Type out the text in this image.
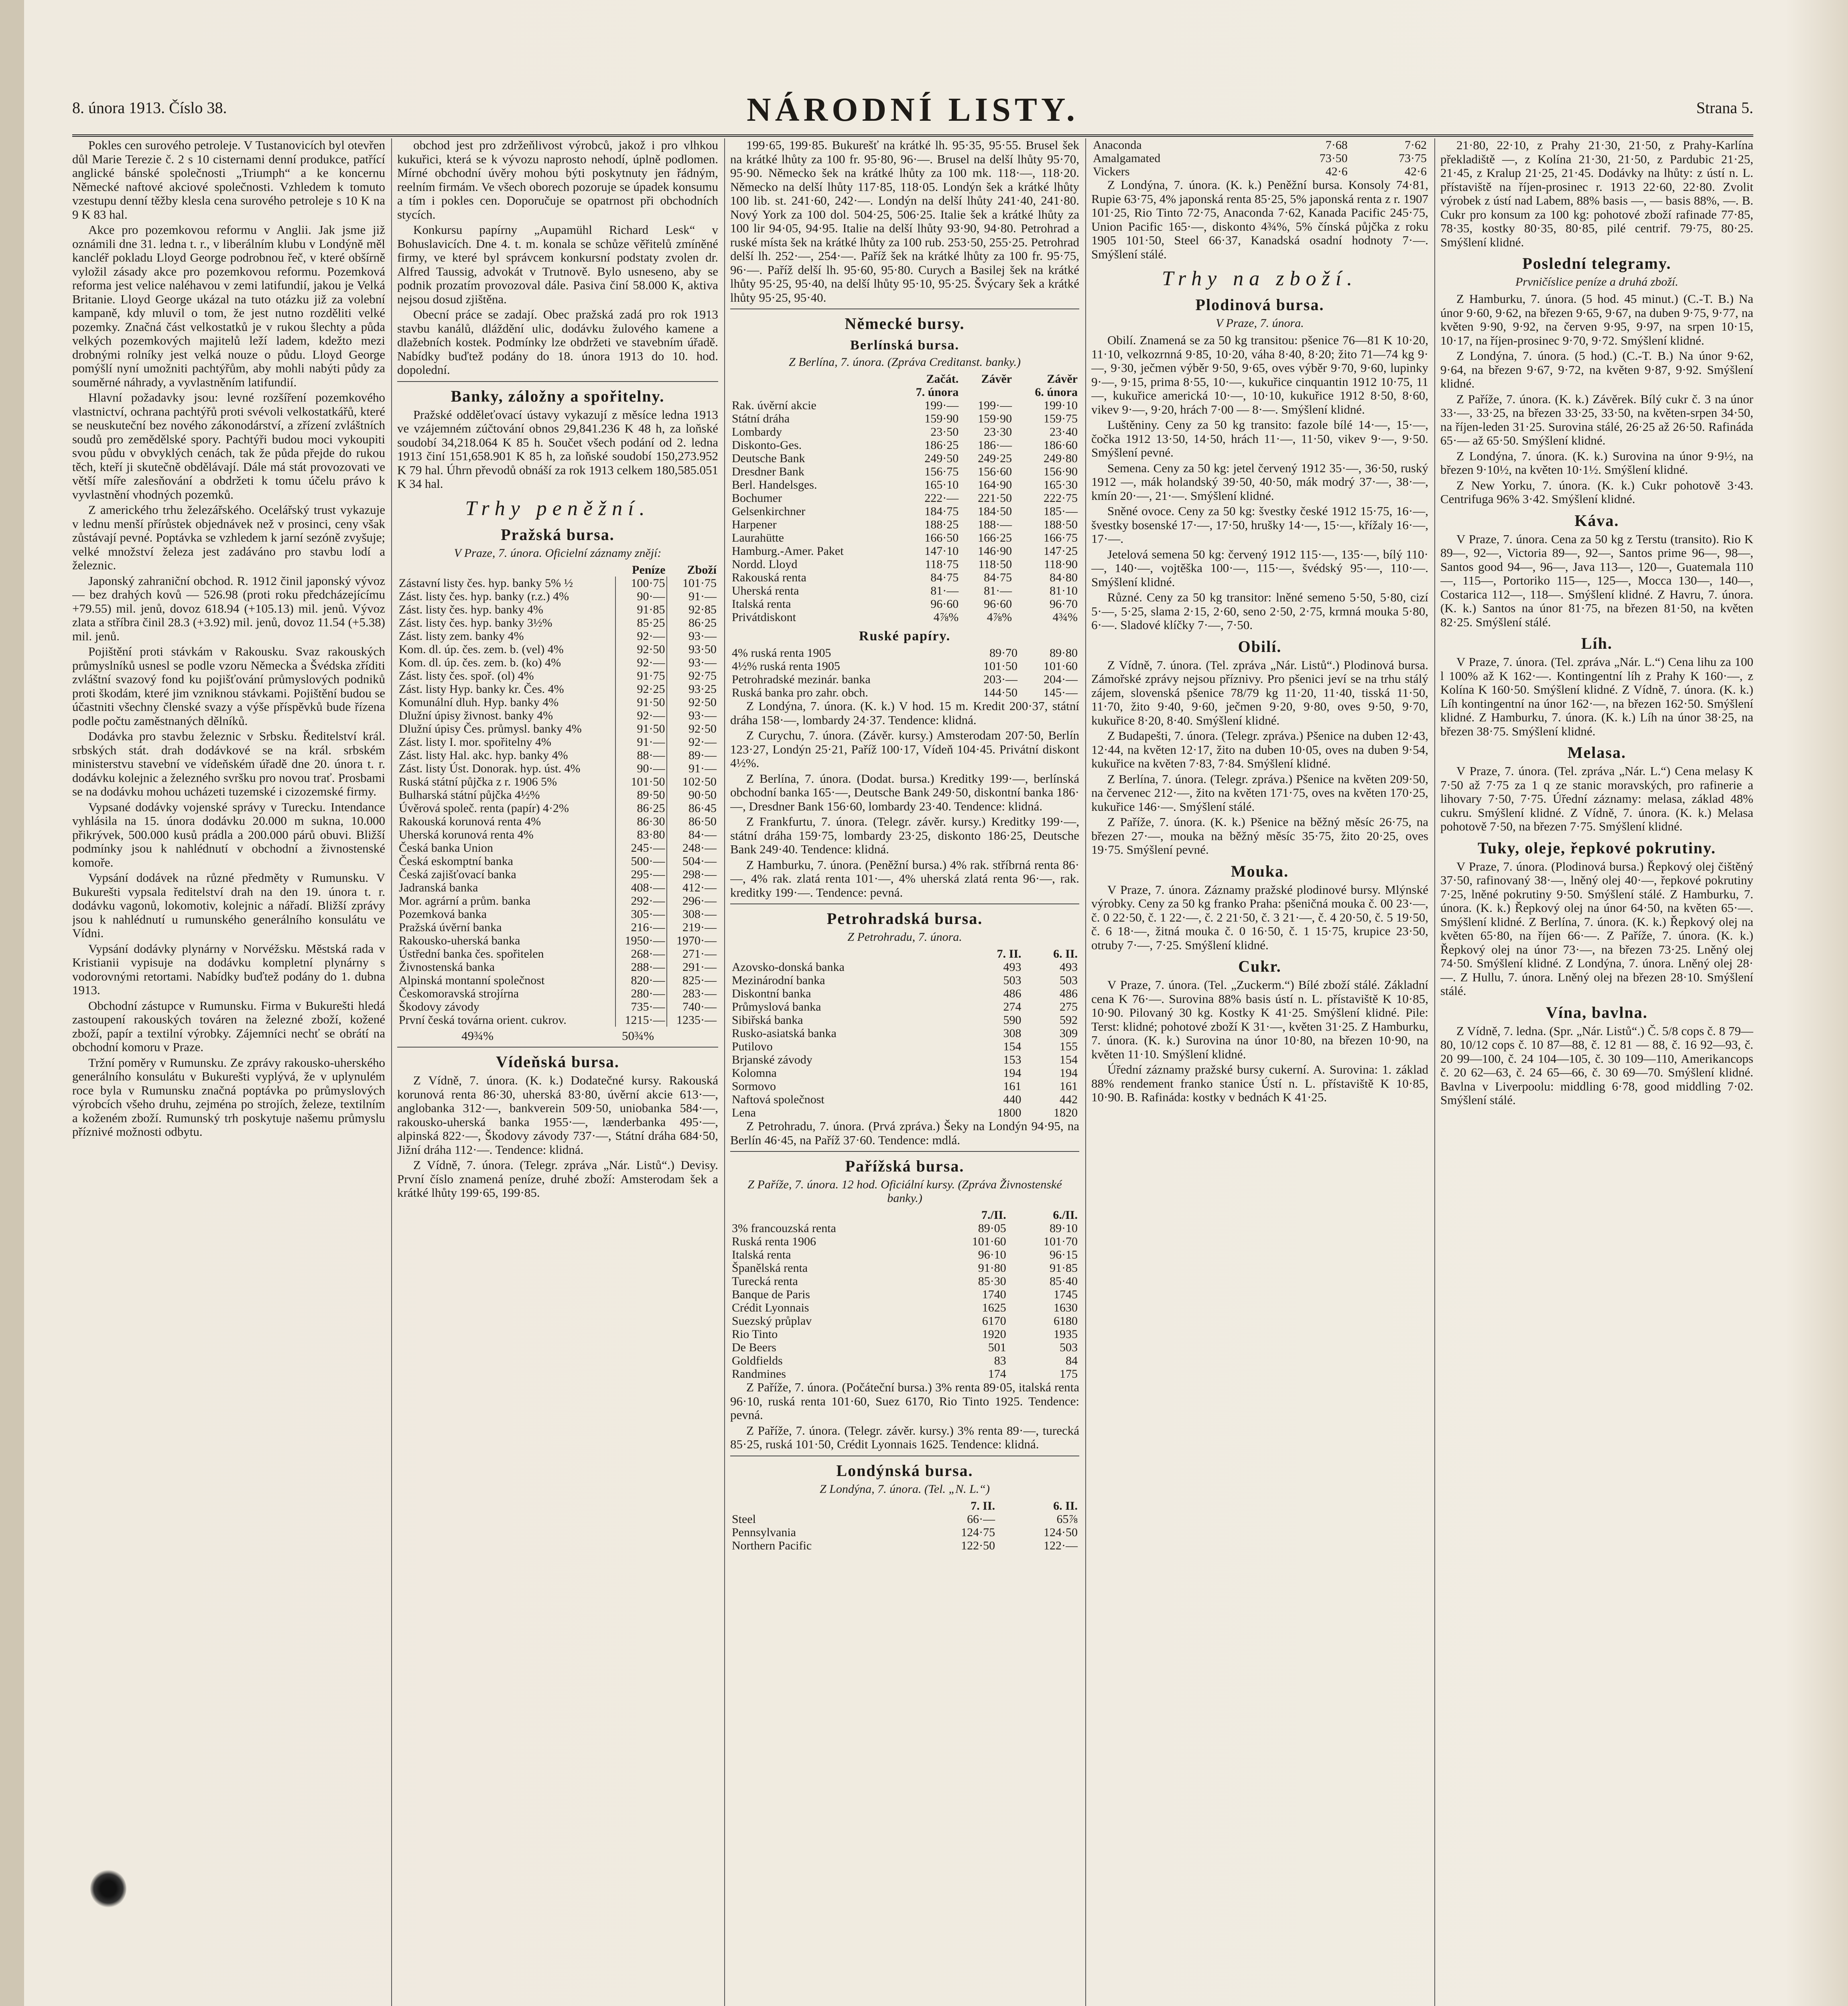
8. února 1913. Číslo 38.	NÁRODNÍ LISTY.	Strana 5.

Pokles cen surového petroleje. V Tustanovicích byl otevřen důl Marie Terezie č. 2 s 10 cisternami denní produkce, patřící anglické bánské společnosti „Triumph“ a ke koncernu Německé naftové akciové společnosti. Vzhledem k tomuto vzestupu denní těžby klesla cena surového petroleje s 10 K na 9 K 83 hal.

Akce pro pozemkovou reformu v Anglii. Jak jsme již oznámili dne 31. ledna t. r., v liberálním klubu v Londýně měl kancléř pokladu Lloyd George podrobnou řeč, v které obšírně vyložil zásady akce pro pozemkovou reformu. Pozemková reforma jest velice naléhavou v zemi latifundií, jakou je Velká Britanie. Lloyd George ukázal na tuto otázku již za volební kampaně, kdy mluvil o tom, že jest nutno rozděliti velké pozemky. Značná část velkostatků je v rukou šlechty a půda velkých pozemkových majitelů leží ladem, kdežto mezi drobnými rolníky jest velká nouze o půdu. Lloyd George pomýšlí nyní umožniti pachtýřům, aby mohli nabýti půdy za souměrné náhrady, a vyvlastněním latifundií.

Hlavní požadavky jsou: levné rozšíření pozemkového vlastnictví, ochrana pachtýřů proti svévoli velkostatkářů, které se neuskuteční bez nového zákonodárství, a zřízení zvláštních soudů pro zemědělské spory. Pachtýři budou moci vykoupiti svou půdu v obvyklých cenách, tak že půda přejde do rukou těch, kteří ji skutečně obdělávají. Dále má stát provozovati ve větší míře zalesňování a obdržeti k tomu účelu právo k vyvlastnění vhodných pozemků.

Z amerického trhu železářského. Ocelářský trust vykazuje v lednu menší přírůstek objednávek než v prosinci, ceny však zůstávají pevné. Poptávka se vzhledem k jarní sezóně zvyšuje; velké množství železa jest zadáváno pro stavbu lodí a železnic.

Japonský zahraniční obchod. R. 1912 činil japonský vývoz — bez drahých kovů — 526.98 (proti roku předcházejícímu +79.55) mil. jenů, dovoz 618.94 (+105.13) mil. jenů. Vývoz zlata a stříbra činil 28.3 (+3.92) mil. jenů, dovoz 11.54 (+5.38) mil. jenů.

Pojištění proti stávkám v Rakousku. Svaz rakouských průmyslníků usnesl se podle vzoru Německa a Švédska zříditi zvláštní svazový fond ku pojišťování průmyslových podniků proti škodám, které jim vzniknou stávkami. Pojištění budou se účastniti všechny členské svazy a výše příspěvků bude řízena podle počtu zaměstnaných dělníků.

Dodávka pro stavbu železnic v Srbsku. Ředitelství král. srbských stát. drah dodávkové se na král. srbském ministerstvu stavební ve vídeňském úřadě dne 20. února t. r. dodávku kolejnic a železného svršku pro novou trať. Prosbami se na dodávku mohou ucházeti tuzemské i cizozemské firmy.

Vypsané dodávky vojenské správy v Turecku. Intendance vyhlásila na 15. února dodávku 20.000 m sukna, 10.000 přikrývek, 500.000 kusů prádla a 200.000 párů obuvi. Bližší podmínky jsou k nahlédnutí v obchodní a živnostenské komoře.

Vypsání dodávek na různé předměty v Rumunsku. V Bukurešti vypsala ředitelství drah na den 19. února t. r. dodávku vagonů, lokomotiv, kolejnic a nářadí. Bližší zprávy jsou k nahlédnutí u rumunského generálního konsulátu ve Vídni.

Vypsání dodávky plynárny v Norvéžsku. Městská rada v Kristianii vypisuje na dodávku kompletní plynárny s vodorovnými retortami. Nabídky buďtež podány do 1. dubna 1913.

Obchodní zástupce v Rumunsku. Firma v Bukurešti hledá zastoupení rakouských továren na železné zboží, kožené zboží, papír a textilní výrobky. Zájemníci nechť se obrátí na obchodní komoru v Praze.

Tržní poměry v Rumunsku. Ze zprávy rakousko-uherského generálního konsulátu v Bukurešti vyplývá, že v uplynulém roce byla v Rumunsku značná poptávka po průmyslových výrobcích všeho druhu, zejména po strojích, železe, textilním a koženém zboží. Rumunský trh poskytuje našemu průmyslu příznivé možnosti odbytu.

obchod jest pro zdržeňlivost výrobců, jakož i pro vlhkou kukuřici, která se k vývozu naprosto nehodí, úplně podlomen. Mírné obchodní úvěry mohou býti poskytnuty jen řádným, reelním firmám. Ve všech oborech pozoruje se úpadek konsumu a tím i pokles cen. Doporučuje se opatrnost při obchodních stycích.

Konkursu papírny „Aupamühl Richard Lesk“ v Bohuslavicích. Dne 4. t. m. konala se schůze věřitelů zmíněné firmy, ve které byl správcem konkursní podstaty zvolen dr. Alfred Taussig, advokát v Trutnově. Bylo usneseno, aby se podnik prozatím provozoval dále. Pasiva činí 58.000 K, aktiva nejsou dosud zjištěna.

Obecní práce se zadají. Obec pražská zadá pro rok 1913 stavbu kanálů, dláždění ulic, dodávku žulového kamene a dlažebních kostek. Podmínky lze obdržeti ve stavebním úřadě. Nabídky buďtež podány do 18. února 1913 do 10. hod. dopolední.

Banky, záložny a spořitelny.

Pražské odděleťovací ústavy vykazují z měsíce ledna 1913 ve vzájemném zúčtování obnos 29,841.236 K 48 h, za loňské soudobí 34,218.064 K 85 h. Součet všech podání od 2. ledna 1913 činí 151,658.901 K 85 h, za loňské soudobí 150,273.952 K 79 hal. Úhrn převodů obnáší za rok 1913 celkem 180,585.051 K 34 hal.

Trhy peněžní.
Pražská bursa.
V Praze, 7. února. Oficielní záznamy znějí:
	Peníze	Zboží
Zástavní listy čes. hyp. banky 5% ½	100·75	101·75
Zást. listy čes. hyp. banky (r.z.) 4%	90·—	91·—
Zást. listy čes. hyp. banky 4%	91·85	92·85
Zást. listy čes. hyp. banky 3½%	85·25	86·25
Zást. listy zem. banky 4%	92·—	93·—
Kom. dl. úp. čes. zem. b. (vel) 4%	92·50	93·50
Kom. dl. úp. čes. zem. b. (ko) 4%	92·—	93·—
Zást. listy čes. spoř. (ol) 4%	91·75	92·75
Zást. listy Hyp. banky kr. Čes. 4%	92·25	93·25
Komunální dluh. Hyp. banky 4%	91·50	92·50
Dlužní úpisy živnost. banky 4%	92·—	93·—
Dlužní úpisy Čes. průmysl. banky 4%	91·50	92·50
Zást. listy I. mor. spořitelny 4%	91·—	92·—
Zást. listy Hal. akc. hyp. banky 4%	88·—	89·—
Zást. listy Úst. Donorak. hyp. úst. 4%	90·—	91·—
Ruská státní půjčka z r. 1906 5%	101·50	102·50
Bulharská státní půjčka 4½%	89·50	90·50
Úvěrová společ. renta (papír) 4·2%	86·25	86·45
Rakouská korunová renta 4%	86·30	86·50
Uherská korunová renta 4%	83·80	84·—
Česká banka Union	245·—	248·—
Česká eskomptní banka	500·—	504·—
Česká zajišťovací banka	295·—	298·—
Jadranská banka	408·—	412·—
Mor. agrární a prům. banka	292·—	296·—
Pozemková banka	305·—	308·—
Pražská úvěrní banka	216·—	219·—
Rakousko-uherská banka	1950·—	1970·—
Ústřední banka čes. spořitelen	268·—	271·—
Živnostenská banka	288·—	291·—
Alpinská montanní společnost	820·—	825·—
Českomoravská strojírna	280·—	283·—
Škodovy závody	735·—	740·—
První česká továrna orient. cukrov.	1215·—	1235·—
49¾%	50¾%
Vídeňská bursa.

Z Vídně, 7. února. (K. k.) Dodatečné kursy. Rakouská korunová renta 86·30, uherská 83·80, úvěrní akcie 613·—, anglobanka 312·—, bankverein 509·50, uniobanka 584·—, rakousko-uherská banka 1955·—, lænderbanka 495·—, alpinská 822·—, Škodovy závody 737·—, Státní dráha 684·50, Jižní dráha 112·—. Tendence: klidná.

Z Vídně, 7. února. (Telegr. zpráva „Nár. Listů“.) Devisy. První číslo znamená peníze, druhé zboží: Amsterodam šek a krátké lhůty 199·65, 199·85.

199·65, 199·85. Bukurešť na krátké lh. 95·35, 95·55. Brusel šek na krátké lhůty za 100 fr. 95·80, 96·—. Brusel na delší lhůty 95·70, 95·90. Německo šek na krátké lhůty za 100 mk. 118·—, 118·20. Německo na delší lhůty 117·85, 118·05. Londýn šek a krátké lhůty 100 lib. st. 241·60, 242·—. Londýn na delší lhůty 241·40, 241·80. Nový York za 100 dol. 504·25, 506·25. Italie šek a krátké lhůty za 100 lir 94·05, 94·95. Italie na delší lhůty 93·90, 94·80. Petrohrad a ruské místa šek na krátké lhůty za 100 rub. 253·50, 255·25. Petrohrad delší lh. 252·—, 254·—. Paříž šek na krátké lhůty za 100 fr. 95·75, 96·—. Paříž delší lh. 95·60, 95·80. Curych a Basilej šek na krátké lhůty 95·25, 95·40, na delší lhůty 95·10, 95·25. Švýcary šek a krátké lhůty 95·25, 95·40.

Německé bursy.
Berlínská bursa.
Z Berlína, 7. února. (Zpráva Creditanst. banky.)
	Začát.	Závěr	Závěr
	7. února		6. února
Rak. úvěrní akcie	199·—	199·—	199·10
Státní dráha	159·90	159·90	159·75
Lombardy	23·50	23·30	23·40
Diskonto-Ges.	186·25	186·—	186·60
Deutsche Bank	249·50	249·25	249·80
Dresdner Bank	156·75	156·60	156·90
Berl. Handelsges.	165·10	164·90	165·30
Bochumer	222·—	221·50	222·75
Gelsenkirchner	184·75	184·50	185·—
Harpener	188·25	188·—	188·50
Laurahütte	166·50	166·25	166·75
Hamburg.-Amer. Paket	147·10	146·90	147·25
Nordd. Lloyd	118·75	118·50	118·90
Rakouská renta	84·75	84·75	84·80
Uherská renta	81·—	81·—	81·10
Italská renta	96·60	96·60	96·70
Privátdiskont	4⅞%	4⅞%	4¾%
Ruské papíry.
4% ruská renta 1905	89·70	89·80
4½% ruská renta 1905	101·50	101·60
Petrohradské mezinár. banka	203·—	204·—
Ruská banka pro zahr. obch.	144·50	145·—

Z Londýna, 7. února. (K. k.) V hod. 15 m. Kredit 200·37, státní dráha 158·—, lombardy 24·37. Tendence: klidná.

Z Curychu, 7. února. (Závěr. kursy.) Amsterodam 207·50, Berlín 123·27, Londýn 25·21, Paříž 100·17, Vídeň 104·45. Privátní diskont 4½%.

Z Berlína, 7. února. (Dodat. bursa.) Kreditky 199·—, berlínská obchodní banka 165·—, Deutsche Bank 249·50, diskontní banka 186·—, Dresdner Bank 156·60, lombardy 23·40. Tendence: klidná.

Z Frankfurtu, 7. února. (Telegr. závěr. kursy.) Kreditky 199·—, státní dráha 159·75, lombardy 23·25, diskonto 186·25, Deutsche Bank 249·40. Tendence: klidná.

Z Hamburku, 7. února. (Peněžní bursa.) 4% rak. stříbrná renta 86·—, 4% rak. zlatá renta 101·—, 4% uherská zlatá renta 96·—, rak. kreditky 199·—. Tendence: pevná.

Petrohradská bursa.
Z Petrohradu, 7. února.
	7. II.	6. II.
Azovsko-donská banka	493	493
Mezinárodní banka	503	503
Diskontní banka	486	486
Průmyslová banka	274	275
Sibiřská banka	590	592
Rusko-asiatská banka	308	309
Putilovo	154	155
Brjanské závody	153	154
Kolomna	194	194
Sormovo	161	161
Naftová společnost	440	442
Lena	1800	1820

Z Petrohradu, 7. února. (Prvá zpráva.) Šeky na Londýn 94·95, na Berlín 46·45, na Paříž 37·60. Tendence: mdlá.

Pařížská bursa.
Z Paříže, 7. února. 12 hod. Oficiální kursy. (Zpráva Živnostenské banky.)
	7./II.	6./II.
3% francouzská renta	89·05	89·10
Ruská renta 1906	101·60	101·70
Italská renta	96·10	96·15
Španělská renta	91·80	91·85
Turecká renta	85·30	85·40
Banque de Paris	1740	1745
Crédit Lyonnais	1625	1630
Suezský průplav	6170	6180
Rio Tinto	1920	1935
De Beers	501	503
Goldfields	83	84
Randmines	174	175

Z Paříže, 7. února. (Počáteční bursa.) 3% renta 89·05, italská renta 96·10, ruská renta 101·60, Suez 6170, Rio Tinto 1925. Tendence: pevná.

Z Paříže, 7. února. (Telegr. závěr. kursy.) 3% renta 89·—, turecká 85·25, ruská 101·50, Crédit Lyonnais 1625. Tendence: klidná.

Londýnská bursa.
Z Londýna, 7. února. (Tel. „N. L.“)
	7. II.	6. II.
Steel	66·—	65⅞
Pennsylvania	124·75	124·50
Northern Pacific	122·50	122·—
Anaconda	7·68	7·62
Amalgamated	73·50	73·75
Vickers	42·6	42·6

Z Londýna, 7. února. (K. k.) Peněžní bursa. Konsoly 74·81, Rupie 63·75, 4% japonská renta 85·25, 5% japonská renta z r. 1907 101·25, Rio Tinto 72·75, Anaconda 7·62, Kanada Pacific 245·75, Union Pacific 165·—, diskonto 4¾%, 5% čínská půjčka z roku 1905 101·50, Steel 66·37, Kanadská osadní hodnoty 7·—. Smýšlení stálé.

Trhy na zboží.
Plodinová bursa.
V Praze, 7. února.

Obilí. Znamená se za 50 kg transitou: pšenice 76—81 K 10·20, 11·10, velkozrnná 9·85, 10·20, váha 8·40, 8·20; žito 71—74 kg 9·—, 9·30, ječmen výběr 9·50, 9·65, oves výběr 9·70, 9·60, lupinky 9·—, 9·15, prima 8·55, 10·—, kukuřice cinquantin 1912 10·75, 11—, kukuřice americká 10·—, 10·10, kukuřice 1912 8·50, 8·60, vikev 9·—, 9·20, hrách 7·00 — 8·—. Smýšlení klidné.

Luštěniny. Ceny za 50 kg transito: fazole bílé 14·—, 15·—, čočka 1912 13·50, 14·50, hrách 11·—, 11·50, vikev 9·—, 9·50. Smýšlení pevné.

Semena. Ceny za 50 kg: jetel červený 1912 35·—, 36·50, ruský 1912 —, mák holandský 39·50, 40·50, mák modrý 37·—, 38·—, kmín 20·—, 21·—. Smýšlení klidné.

Sněné ovoce. Ceny za 50 kg: švestky české 1912 15·75, 16·—, švestky bosenské 17·—, 17·50, hrušky 14·—, 15·—, křížaly 16·—, 17·—.

Jetelová semena 50 kg: červený 1912 115·—, 135·—, bílý 110·—, 140·—, vojtěška 100·—, 115·—, švédský 95·—, 110·—. Smýšlení klidné.

Různé. Ceny za 50 kg transitor: lněné semeno 5·50, 5·80, cizí 5·—, 5·25, slama 2·15, 2·60, seno 2·50, 2·75, krmná mouka 5·80, 6·—. Sladové klíčky 7·—, 7·50.

Obilí.

Z Vídně, 7. února. (Tel. zpráva „Nár. Listů“.) Plodinová bursa. Zámořské zprávy nejsou příznivy. Pro pšenici jeví se na trhu stálý zájem, slovenská pšenice 78/79 kg 11·20, 11·40, tisská 11·50, 11·70, žito 9·40, 9·60, ječmen 9·20, 9·80, oves 9·50, 9·70, kukuřice 8·20, 8·40. Smýšlení klidné.

Z Budapešti, 7. února. (Telegr. zpráva.) Pšenice na duben 12·43, 12·44, na květen 12·17, žito na duben 10·05, oves na duben 9·54, kukuřice na květen 7·83, 7·84. Smýšlení klidné.

Z Berlína, 7. února. (Telegr. zpráva.) Pšenice na květen 209·50, na červenec 212·—, žito na květen 171·75, oves na květen 170·25, kukuřice 146·—. Smýšlení stálé.

Z Paříže, 7. února. (K. k.) Pšenice na běžný měsíc 26·75, na březen 27·—, mouka na běžný měsíc 35·75, žito 20·25, oves 19·75. Smýšlení pevné.

Mouka.

V Praze, 7. února. Záznamy pražské plodinové bursy. Mlýnské výrobky. Ceny za 50 kg franko Praha: pšeničná mouka č. 00 23·—, č. 0 22·50, č. 1 22·—, č. 2 21·50, č. 3 21·—, č. 4 20·50, č. 5 19·50, č. 6 18·—, žitná mouka č. 0 16·50, č. 1 15·75, krupice 23·50, otruby 7·—, 7·25. Smýšlení klidné.

Cukr.

V Praze, 7. února. (Tel. „Zuckerm.“) Bílé zboží stálé. Základní cena K 76·—. Surovina 88% basis ústí n. L. přístaviště K 10·85, 10·90. Pilovaný 30 kg. Kostky K 41·25. Smýšlení klidné. Pile: Terst: klidné; pohotové zboží K 31·—, květen 31·25. Z Hamburku, 7. února. (K. k.) Surovina na únor 10·80, na březen 10·90, na květen 11·10. Smýšlení klidné.

Úřední záznamy pražské bursy cukerní. A. Surovina: 1. základ 88% rendement franko stanice Ústí n. L. přístaviště K 10·85, 10·90. B. Rafináda: kostky v bednách K 41·25.

21·80, 22·10, z Prahy 21·30, 21·50, z Prahy-Karlína překladiště —, z Kolína 21·30, 21·50, z Pardubic 21·25, 21·45, z Kralup 21·25, 21·45. Dodávky na lhůty: z ústí n. L. přístaviště na říjen-prosinec r. 1913 22·60, 22·80. Zvolit výrobek z ústí nad Labem, 88% basis —, — basis 88%, —. B. Cukr pro konsum za 100 kg: pohotové zboží rafinade 77·85, 78·35, kostky 80·35, 80·85, pilé centrif. 79·75, 80·25. Smýšlení klidné.

Poslední telegramy.
Prvničíslice peníze a druhá zboží.

Z Hamburku, 7. února. (5 hod. 45 minut.) (C.-T. B.) Na únor 9·60, 9·62, na březen 9·65, 9·67, na duben 9·75, 9·77, na květen 9·90, 9·92, na červen 9·95, 9·97, na srpen 10·15, 10·17, na říjen-prosinec 9·70, 9·72. Smýšlení klidné.

Z Londýna, 7. února. (5 hod.) (C.-T. B.) Na únor 9·62, 9·64, na březen 9·67, 9·72, na květen 9·87, 9·92. Smýšlení klidné.

Z Paříže, 7. února. (K. k.) Závěrek. Bílý cukr č. 3 na únor 33·—, 33·25, na březen 33·25, 33·50, na květen-srpen 34·50, na říjen-leden 31·25. Surovina stálé, 26·25 až 26·50. Rafináda 65·— až 65·50. Smýšlení klidné.

Z Londýna, 7. února. (K. k.) Surovina na únor 9·9½, na březen 9·10½, na květen 10·1½. Smýšlení klidné.

Z New Yorku, 7. února. (K. k.) Cukr pohotově 3·43. Centrifuga 96% 3·42. Smýšlení klidné.

Káva.

V Praze, 7. února. Cena za 50 kg z Terstu (transito). Rio K 89—, 92—, Victoria 89—, 92—, Santos prime 96—, 98—, Santos good 94—, 96—, Java 113—, 120—, Guatemala 110—, 115—, Portoriko 115—, 125—, Mocca 130—, 140—, Costarica 112—, 118—. Smýšlení klidné. Z Havru, 7. února. (K. k.) Santos na únor 81·75, na březen 81·50, na květen 82·25. Smýšlení stálé.

Líh.

V Praze, 7. února. (Tel. zpráva „Nár. L.“) Cena lihu za 100 l 100% až K 162·—. Kontingentní líh z Prahy K 160·—, z Kolína K 160·50. Smýšlení klidné. Z Vídně, 7. února. (K. k.) Líh kontingentní na únor 162·—, na březen 162·50. Smýšlení klidné. Z Hamburku, 7. února. (K. k.) Líh na únor 38·25, na březen 38·75. Smýšlení klidné.

Melasa.

V Praze, 7. února. (Tel. zpráva „Nár. L.“) Cena melasy K 7·50 až 7·75 za 1 q ze stanic moravských, pro rafinerie a lihovary 7·50, 7·75. Úřední záznamy: melasa, základ 48% cukru. Smýšlení klidné. Z Vídně, 7. února. (K. k.) Melasa pohotově 7·50, na březen 7·75. Smýšlení klidné.

Tuky, oleje, řepkové pokrutiny.

V Praze, 7. února. (Plodinová bursa.) Řepkový olej čištěný 37·50, rafinovaný 38·—, lněný olej 40·—, řepkové pokrutiny 7·25, lněné pokrutiny 9·50. Smýšlení stálé. Z Hamburku, 7. února. (K. k.) Řepkový olej na únor 64·50, na květen 65·—. Smýšlení klidné. Z Berlína, 7. února. (K. k.) Řepkový olej na květen 65·80, na říjen 66·—. Z Paříže, 7. února. (K. k.) Řepkový olej na únor 73·—, na březen 73·25. Lněný olej 74·50. Smýšlení klidné. Z Londýna, 7. února. Lněný olej 28·—. Z Hullu, 7. února. Lněný olej na březen 28·10. Smýšlení stálé.

Vína, bavlna.

Z Vídně, 7. ledna. (Spr. „Nár. Listů“.) Č. 5/8 cops č. 8 79—80, 10/12 cops č. 10 87—88, č. 12 81 — 88, č. 16 92—93, č. 20 99—100, č. 24 104—105, č. 30 109—110, Amerikancops č. 20 62—63, č. 24 65—66, č. 30 69—70. Smýšlení klidné. Bavlna v Liverpoolu: middling 6·78, good middling 7·02. Smýšlení stálé.
